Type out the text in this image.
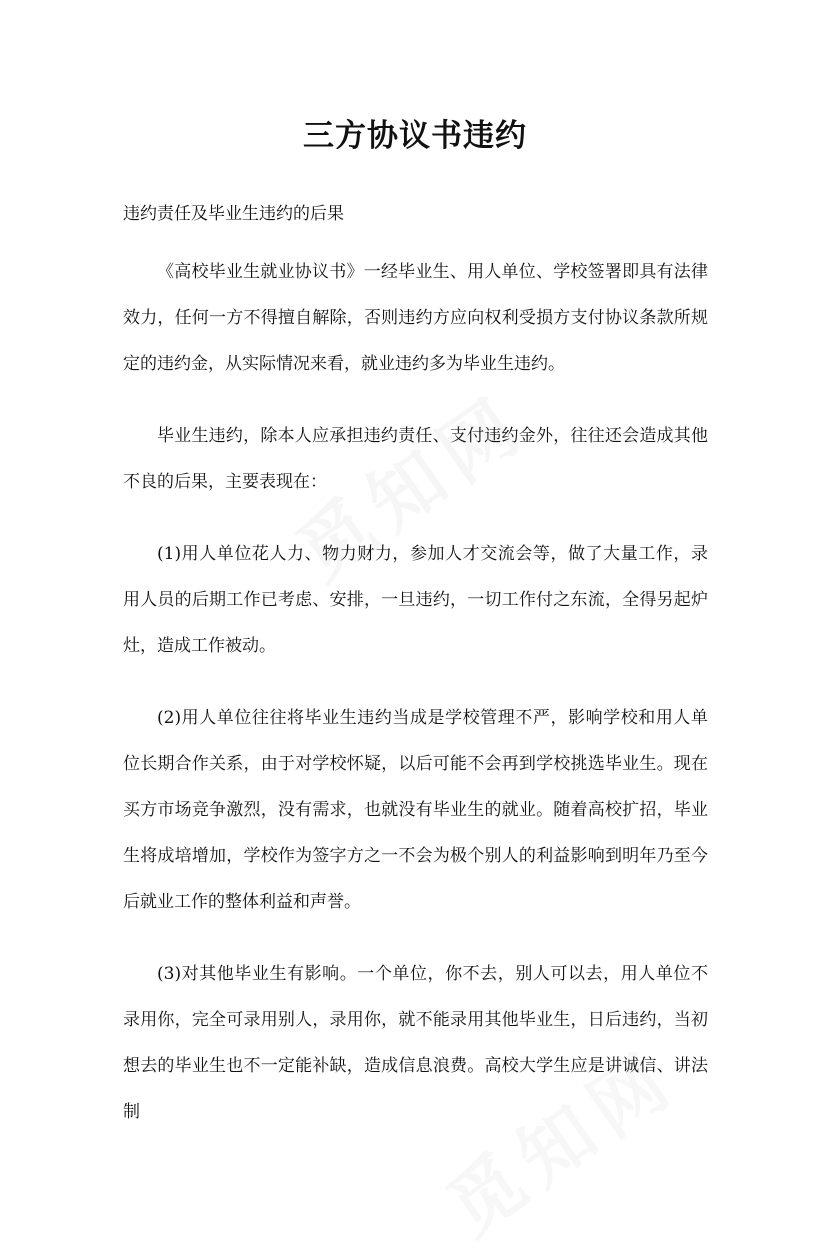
三方协议书违约
违约责任及毕业生违约的后果

《高校毕业生就业协议书》一经毕业生、用人单位、学校签署即具有法律效力，任何一方不得擅自解除，否则违约方应向权利受损方支付协议条款所规定的违约金，从实际情况来看，就业违约多为毕业生违约。

毕业生违约，除本人应承担违约责任、支付违约金外，往往还会造成其他不良的后果，主要表现在：

(1)用人单位花人力、物力财力，参加人才交流会等，做了大量工作，录用人员的后期工作已考虑、安排，一旦违约，一切工作付之东流，全得另起炉灶，造成工作被动。

(2)用人单位往往将毕业生违约当成是学校管理不严，影响学校和用人单位长期合作关系，由于对学校怀疑，以后可能不会再到学校挑选毕业生。现在买方市场竞争激烈，没有需求，也就没有毕业生的就业。随着高校扩招，毕业生将成培增加，学校作为签字方之一不会为极个别人的利益影响到明年乃至今后就业工作的整体利益和声誉。

(3)对其他毕业生有影响。一个单位，你不去，别人可以去，用人单位不录用你，完全可录用别人，录用你，就不能录用其他毕业生，日后违约，当初想去的毕业生也不一定能补缺，造成信息浪费。高校大学生应是讲诚信、讲法制
